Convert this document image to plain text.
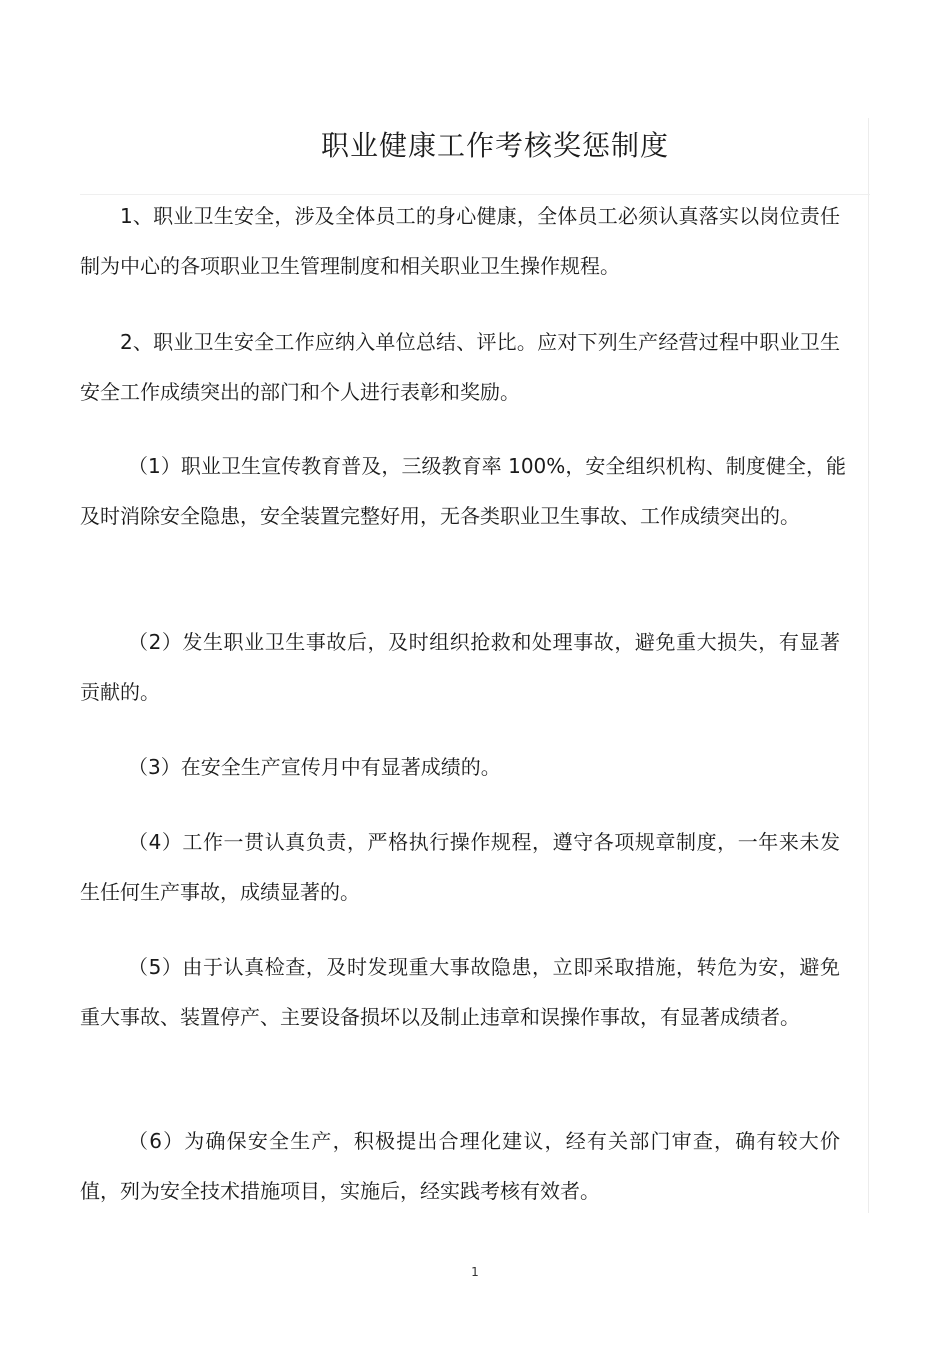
职业健康工作考核奖惩制度

1、职业卫生安全，涉及全体员工的身心健康，全体员工必须认真落实以岗位责任制为中心的各项职业卫生管理制度和相关职业卫生操作规程。

2、职业卫生安全工作应纳入单位总结、评比。应对下列生产经营过程中职业卫生安全工作成绩突出的部门和个人进行表彰和奖励。

（1）职业卫生宣传教育普及，三级教育率 100%，安全组织机构、制度健全，能及时消除安全隐患，安全装置完整好用，无各类职业卫生事故、工作成绩突出的。

（2）发生职业卫生事故后，及时组织抢救和处理事故，避免重大损失，有显著贡献的。

（3）在安全生产宣传月中有显著成绩的。

（4）工作一贯认真负责，严格执行操作规程，遵守各项规章制度，一年来未发生任何生产事故，成绩显著的。

（5）由于认真检查，及时发现重大事故隐患，立即采取措施，转危为安，避免重大事故、装置停产、主要设备损坏以及制止违章和误操作事故，有显著成绩者。

（6）为确保安全生产，积极提出合理化建议，经有关部门审查，确有较大价值，列为安全技术措施项目，实施后，经实践考核有效者。

1
